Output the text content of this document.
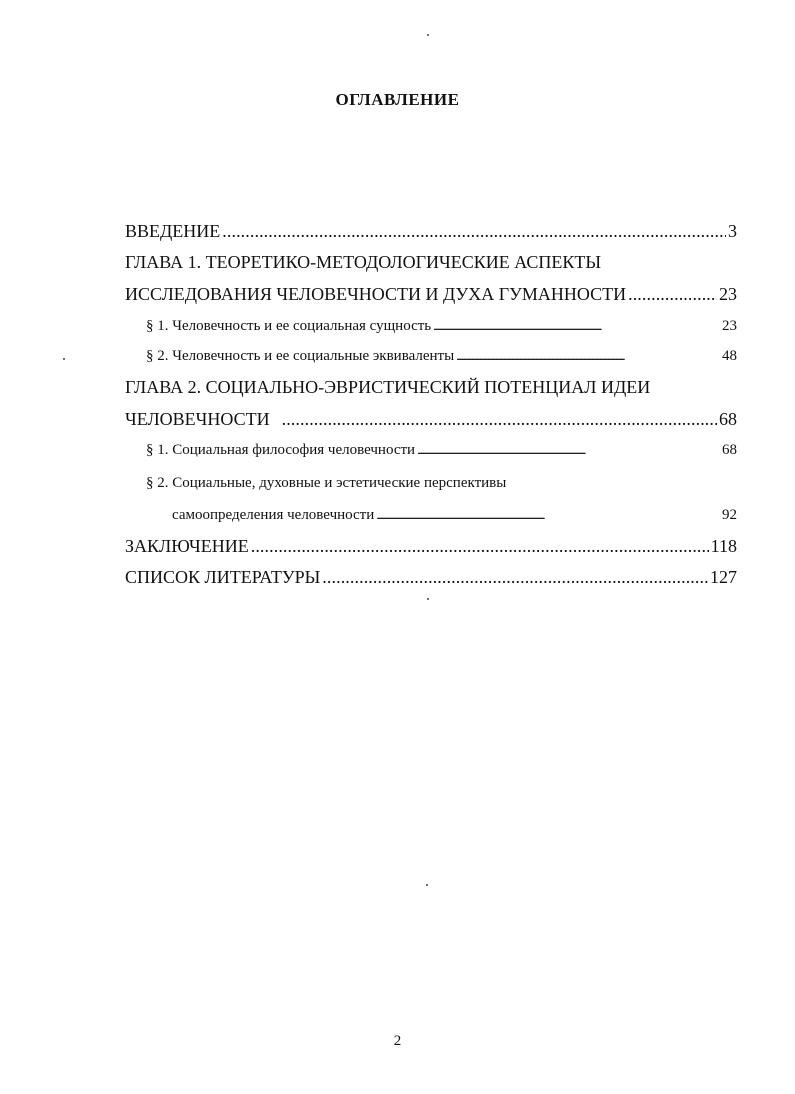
ОГЛАВЛЕНИЕ
ВВЕДЕНИЕ . . .	3
ГЛАВА 1. ТЕОРЕТИКО-МЕТОДОЛОГИЧЕСКИЕ АСПЕКТЫ
ИССЛЕДОВАНИЯ ЧЕЛОВЕЧНОСТИ И ДУХА ГУМАННОСТИ . . .	23
§ 1. Человечность и ее социальная сущность . . .	23
§ 2. Человечность и ее социальные эквиваленты . . .	48
ГЛАВА 2. СОЦИАЛЬНО-ЭВРИСТИЧЕСКИЙ ПОТЕНЦИАЛ ИДЕИ
ЧЕЛОВЕЧНОСТИ . . .	68
§ 1. Социальная философия человечности . . .	68
§ 2. Социальные, духовные и эстетические перспективы
самоопределения человечности . . .	92
ЗАКЛЮЧЕНИЕ . . .	118
СПИСОК ЛИТЕРАТУРЫ . . .	127
2
